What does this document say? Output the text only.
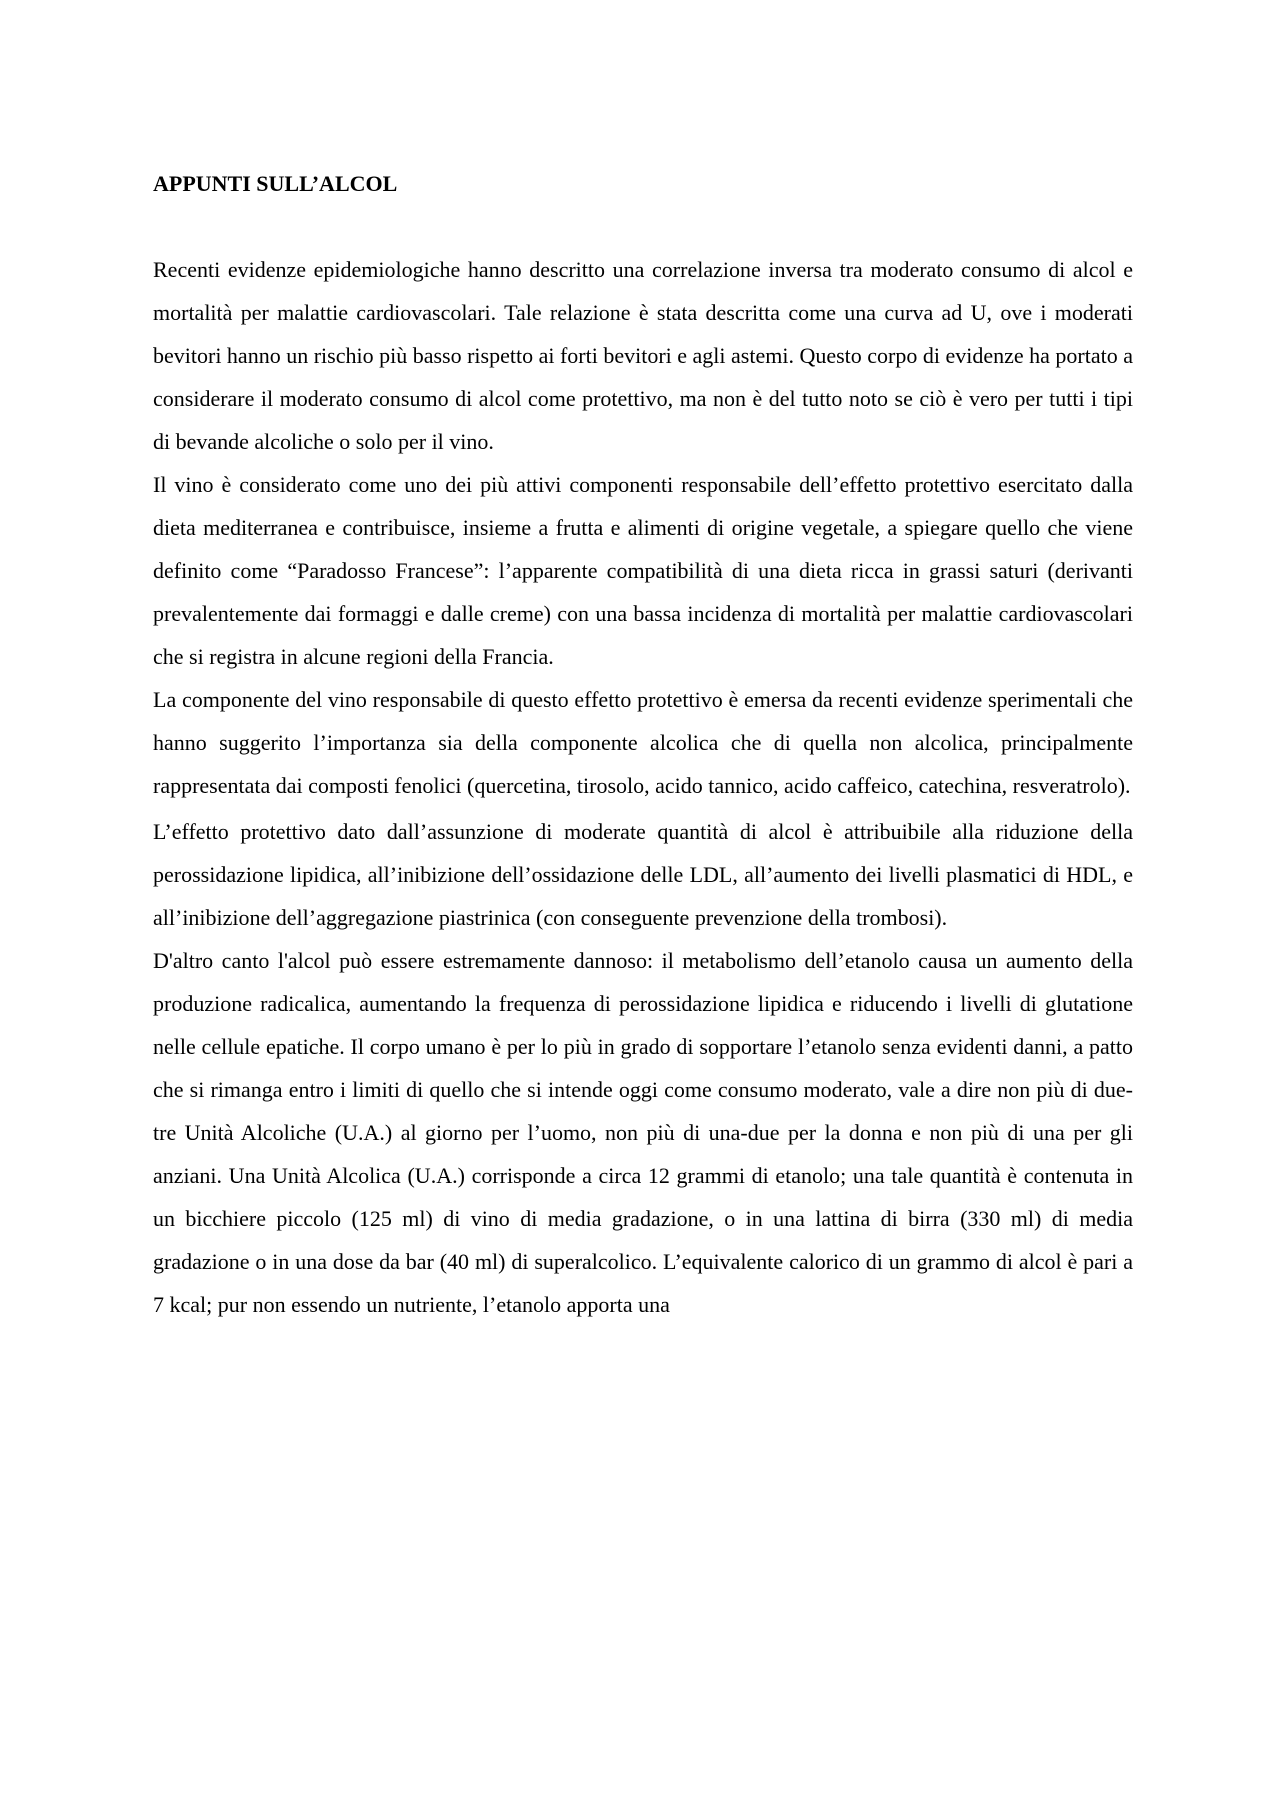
APPUNTI SULL’ALCOL

Recenti evidenze epidemiologiche hanno descritto una correlazione inversa tra moderato consumo di alcol e mortalità per malattie cardiovascolari. Tale relazione è stata descritta come una curva ad U, ove i moderati bevitori hanno un rischio più basso rispetto ai forti bevitori e agli astemi. Questo corpo di evidenze ha portato a considerare il moderato consumo di alcol come protettivo, ma non è del tutto noto se ciò è vero per tutti i tipi di bevande alcoliche o solo per il vino.

Il vino è considerato come uno dei più attivi componenti responsabile dell’effetto protettivo esercitato dalla dieta mediterranea e contribuisce, insieme a frutta e alimenti di origine vegetale, a spiegare quello che viene definito come “Paradosso Francese”: l’apparente compatibilità di una dieta ricca in grassi saturi (derivanti prevalentemente dai formaggi e dalle creme) con una bassa incidenza di mortalità per malattie cardiovascolari che si registra in alcune regioni della Francia.

La componente del vino responsabile di questo effetto protettivo è emersa da recenti evidenze sperimentali che hanno suggerito l’importanza sia della componente alcolica che di quella non alcolica, principalmente rappresentata dai composti fenolici (quercetina, tirosolo, acido tannico, acido caffeico, catechina, resveratrolo).

L’effetto protettivo dato dall’assunzione di moderate quantità di alcol è attribuibile alla riduzione della perossidazione lipidica, all’inibizione dell’ossidazione delle LDL, all’aumento dei livelli plasmatici di HDL, e all’inibizione dell’aggregazione piastrinica (con conseguente prevenzione della trombosi).

D'altro canto l'alcol può essere estremamente dannoso: il metabolismo dell’etanolo causa un aumento della produzione radicalica, aumentando la frequenza di perossidazione lipidica e riducendo i livelli di glutatione nelle cellule epatiche. Il corpo umano è per lo più in grado di sopportare l’etanolo senza evidenti danni, a patto che si rimanga entro i limiti di quello che si intende oggi come consumo moderato, vale a dire non più di due-tre Unità Alcoliche (U.A.) al giorno per l’uomo, non più di una-due per la donna e non più di una per gli anziani. Una Unità Alcolica (U.A.) corrisponde a circa 12 grammi di etanolo; una tale quantità è contenuta in un bicchiere piccolo (125 ml) di vino di media gradazione, o in una lattina di birra (330 ml) di media gradazione o in una dose da bar (40 ml) di superalcolico. L’equivalente calorico di un grammo di alcol è pari a 7 kcal; pur non essendo un nutriente, l’etanolo apporta una
